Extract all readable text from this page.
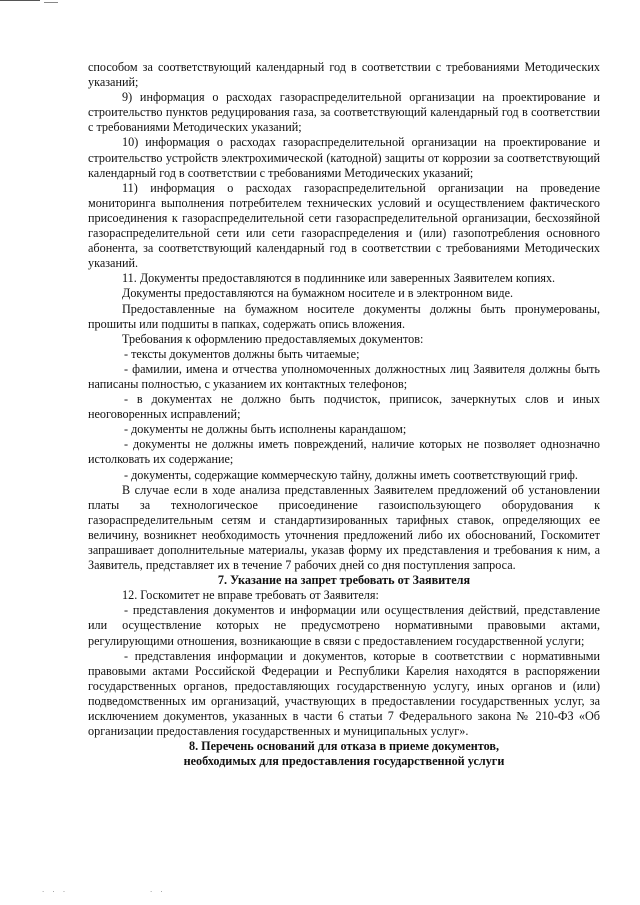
способом за соответствующий календарный год в соответствии с требованиями Методических указаний;

9) информация о расходах газораспределительной организации на проектирование и строительство пунктов редуцирования газа, за соответствующий календарный год в соответствии с требованиями Методических указаний;

10) информация о расходах газораспределительной организации на проектирование и строительство устройств электрохимической (катодной) защиты от коррозии за соответствующий календарный год в соответствии с требованиями Методических указаний;

11) информация о расходах газораспределительной организации на проведение мониторинга выполнения потребителем технических условий и осуществлением фактического присоединения к газораспределительной сети газораспределительной организации, бесхозяйной газораспределительной сети или сети газораспределения и (или) газопотребления основного абонента, за соответствующий календарный год в соответствии с требованиями Методических указаний.

11. Документы предоставляются в подлиннике или заверенных Заявителем копиях.

Документы предоставляются на бумажном носителе и в электронном виде.

Предоставленные на бумажном носителе документы должны быть пронумерованы, прошиты или подшиты в папках, содержать опись вложения.

Требования к оформлению предоставляемых документов:

- тексты документов должны быть читаемые;

- фамилии, имена и отчества уполномоченных должностных лиц Заявителя должны быть написаны полностью, с указанием их контактных телефонов;

- в документах не должно быть подчисток, приписок, зачеркнутых слов и иных неоговоренных исправлений;

- документы не должны быть исполнены карандашом;

- документы не должны иметь повреждений, наличие которых не позволяет однозначно истолковать их содержание;

- документы, содержащие коммерческую тайну, должны иметь соответствующий гриф.

В случае если в ходе анализа представленных Заявителем предложений об установлении платы за технологическое присоединение газоиспользующего оборудования к газораспределительным сетям и стандартизированных тарифных ставок, определяющих ее величину, возникнет необходимость уточнения предложений либо их обоснований, Госкомитет запрашивает дополнительные материалы, указав форму их представления и требования к ним, а Заявитель, представляет их в течение 7 рабочих дней со дня поступления запроса.

7. Указание на запрет требовать от Заявителя

12. Госкомитет не вправе требовать от Заявителя:

- представления документов и информации или осуществления действий, представление или осуществление которых не предусмотрено нормативными правовыми актами, регулирующими отношения, возникающие в связи с предоставлением государственной услуги;

- представления информации и документов, которые в соответствии с нормативными правовыми актами Российской Федерации и Республики Карелия находятся в распоряжении государственных органов, предоставляющих государственную услугу, иных органов и (или) подведомственных им организаций, участвующих в предоставлении государственных услуг, за исключением документов, указанных в части 6 статьи 7 Федерального закона № 210-ФЗ «Об организации предоставления государственных и муниципальных услуг».

8. Перечень оснований для отказа в приеме документов,

необходимых для предоставления государственной услуги

· · ·	· ·
